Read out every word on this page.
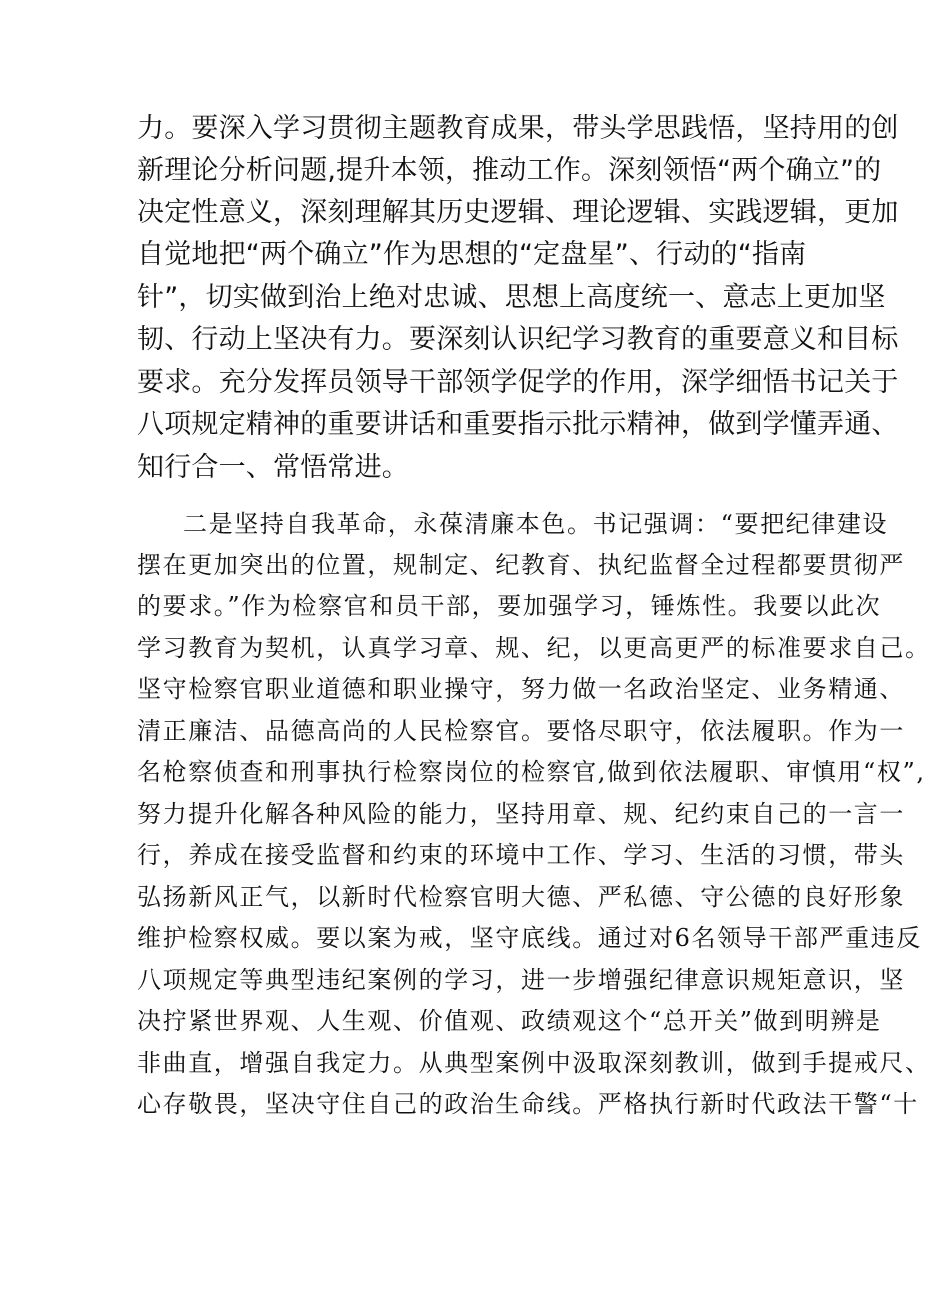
力。要深入学习贯彻主题教育成果，带头学思践悟，坚持用的创
新理论分析问题,提升本领，推动工作。深刻领悟“两个确立”的
决定性意义，深刻理解其历史逻辑、理论逻辑、实践逻辑，更加
自觉地把“两个确立”作为思想的“定盘星”、行动的“指南
针”，切实做到治上绝对忠诚、思想上高度统一、意志上更加坚
韧、行动上坚决有力。要深刻认识纪学习教育的重要意义和目标
要求。充分发挥员领导干部领学促学的作用，深学细悟书记关于
八项规定精神的重要讲话和重要指示批示精神，做到学懂弄通、
知行合一、常悟常进。
二是坚持自我革命，永葆清廉本色。书记强调：“要把纪律建设
摆在更加突出的位置，规制定、纪教育、执纪监督全过程都要贯彻严
的要求。”作为检察官和员干部，要加强学习，锤炼性。我要以此次
学习教育为契机，认真学习章、规、纪，以更高更严的标准要求自己。
坚守检察官职业道德和职业操守，努力做一名政治坚定、业务精通、
清正廉洁、品德高尚的人民检察官。要恪尽职守，依法履职。作为一
名枪察侦查和刑事执行检察岗位的检察官,做到依法履职、审慎用“权”,
努力提升化解各种风险的能力，坚持用章、规、纪约束自己的一言一
行，养成在接受监督和约束的环境中工作、学习、生活的习惯，带头
弘扬新风正气，以新时代检察官明大德、严私德、守公德的良好形象
维护检察权威。要以案为戒，坚守底线。通过对6名领导干部严重违反
八项规定等典型违纪案例的学习，进一步增强纪律意识规矩意识，坚
决拧紧世界观、人生观、价值观、政绩观这个“总开关”做到明辨是
非曲直，增强自我定力。从典型案例中汲取深刻教训，做到手提戒尺、
心存敬畏，坚决守住自己的政治生命线。严格执行新时代政法干警“十
